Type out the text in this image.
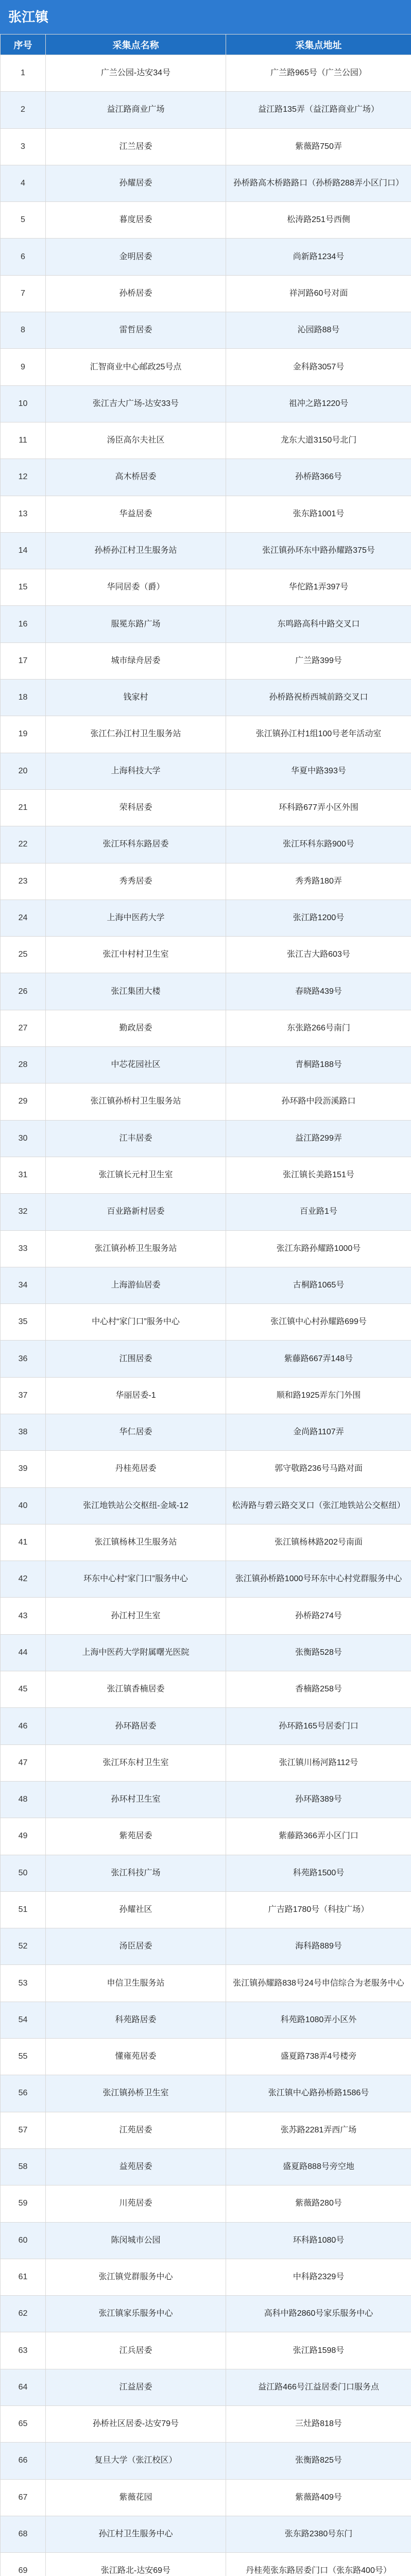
张江镇
序号	采集点名称	采集点地址
1	广兰公园-达安34号	广兰路965号（广兰公园）
2	益江路商业广场	益江路135弄（益江路商业广场）
3	江兰居委	紫薇路750弄
4	孙耀居委	孙桥路高木桥路路口（孙桥路288弄小区门口）
5	暮度居委	松涛路251号西侧
6	金明居委	尚新路1234号
7	孙桥居委	祥河路60号对面
8	雷哲居委	沁园路88号
9	汇智商业中心邮政25号点	金科路3057号
10	张江吉大广场-达安33号	祖冲之路1220号
11	汤臣高尔夫社区	龙东大道3150号北门
12	高木桥居委	孙桥路366号
13	华益居委	张东路1001号
14	孙桥孙江村卫生服务站	张江镇孙环东中路孙耀路375号
15	华同居委（爵）	华佗路1弄397号
16	服冕东路广场	东鸣路高科中路交叉口
17	城市绿舟居委	广兰路399号
18	钱家村	孙桥路祝桥西城前路交叉口
19	张江仁孙江村卫生服务站	张江镇孙江村1组100号老年活动室
20	上海科技大学	华夏中路393号
21	荣科居委	环科路677弄小区外围
22	张江环科东路居委	张江环科东路900号
23	秀秀居委	秀秀路180弄
24	上海中医药大学	张江路1200号
25	张江中村村卫生室	张江吉大路603号
26	张江集团大楼	春晓路439号
27	勤政居委	东张路266号南门
28	中芯花园社区	青桐路188号
29	张江镇孙桥村卫生服务站	孙环路中段沥溪路口
30	江丰居委	益江路299弄
31	张江镇长元村卫生室	张江镇长美路151号
32	百业路新村居委	百业路1号
33	张江镇孙桥卫生服务站	张江东路孙耀路1000号
34	上海游仙居委	古桐路1065号
35	中心村“家门口”服务中心	张江镇中心村孙耀路699号
36	江围居委	紫藤路667弄148号
37	华丽居委-1	顺和路1925弄东门外围
38	华仁居委	金尚路1107弄
39	丹桂苑居委	郭守敬路236号马路对面
40	张江地铁站公交枢纽-金域-12	松涛路与碧云路交叉口（张江地铁站公交枢纽）
41	张江镇杨林卫生服务站	张江镇杨林路202号南面
42	环东中心村“家门口”服务中心	张江镇孙桥路1000号环东中心村党群服务中心
43	孙江村卫生室	孙桥路274号
44	上海中医药大学附属曙光医院	张衡路528号
45	张江镇香楠居委	香楠路258号
46	孙环路居委	孙环路165号居委门口
47	张江环东村卫生室	张江镇川杨河路112号
48	孙环村卫生室	孙环路389号
49	紫苑居委	紫藤路366弄小区门口
50	张江科技广场	科苑路1500号
51	孙耀社区	广吉路1780号（科技广场）
52	汤臣居委	海科路889号
53	申信卫生服务站	张江镇孙耀路838号24号申信综合为老服务中心
54	科苑路居委	科苑路1080弄小区外
55	懂雍苑居委	盛夏路738弄4号楼旁
56	张江镇孙桥卫生室	张江镇中心路孙桥路1586号
57	江苑居委	张苏路2281弄西广场
58	益苑居委	盛夏路888号旁空地
59	川苑居委	紫薇路280号
60	陈闵城市公园	环科路1080号
61	张江镇党群服务中心	中科路2329号
62	张江镇家乐服务中心	高科中路2860号家乐服务中心
63	江兵居委	张江路1598号
64	江益居委	益江路466号江益居委门口服务点
65	孙桥社区居委-达安79号	三灶路818号
66	复旦大学（张江校区）	张衡路825号
67	紫薇花园	紫薇路409号
68	孙江村卫生服务中心	张东路2380号东门
69	张江路北-达安69号	丹桂苑张东路居委门口（张东路400号）
